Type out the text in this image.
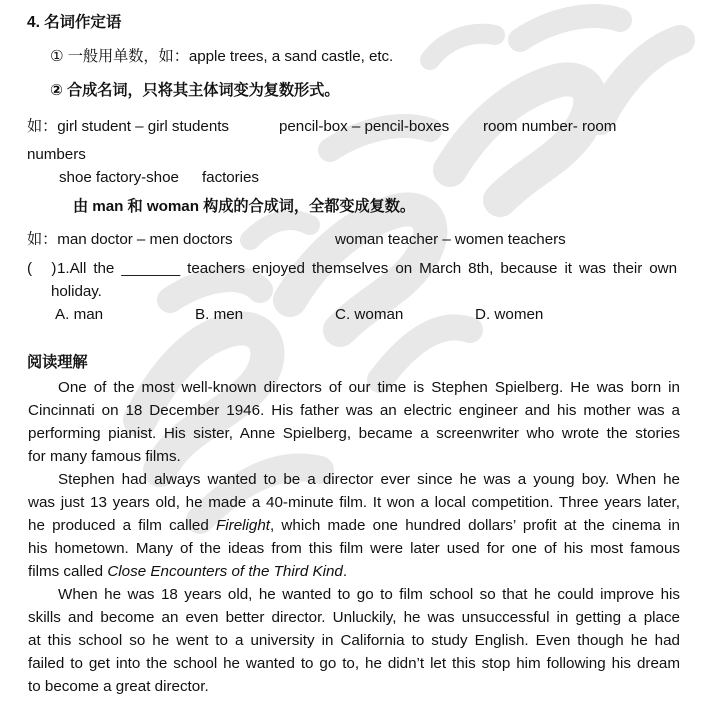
4. 名词作定语
① 一般用单数，如：apple trees, a sand castle, etc.
② 合成名词，只将其主体词变为复数形式。
如：girl student – girl students	pencil-box – pencil-boxes room number- room
numbers
shoe factory-shoe factories
由 man 和 woman 构成的合成词，全都变成复数。
如：man doctor – men doctors	woman teacher – women teachers
(　 ) 1.All the _______ teachers enjoyed themselves on March 8th, because it was their own
holiday.
A. man	B. men	C. woman	D. women
阅读理解
One of the most well-known directors of our time is Stephen Spielberg. He was born in
Cincinnati on 18 December 1946. His father was an electric engineer and his mother was a
performing pianist. His sister, Anne Spielberg, became a screenwriter who wrote the stories
for many famous films.
Stephen had always wanted to be a director ever since he was a young boy. When he
was just 13 years old, he made a 40-minute film. It won a local competition. Three years later,
he produced a film called Firelight, which made one hundred dollars’ profit at the cinema in
his hometown. Many of the ideas from this film were later used for one of his most famous
films called Close Encounters of the Third Kind.
When he was 18 years old, he wanted to go to film school so that he could improve his
skills and become an even better director. Unluckily, he was unsuccessful in getting a place
at this school so he went to a university in California to study English. Even though he had
failed to get into the school he wanted to go to, he didn’t let this stop him following his dream
to become a great director.
